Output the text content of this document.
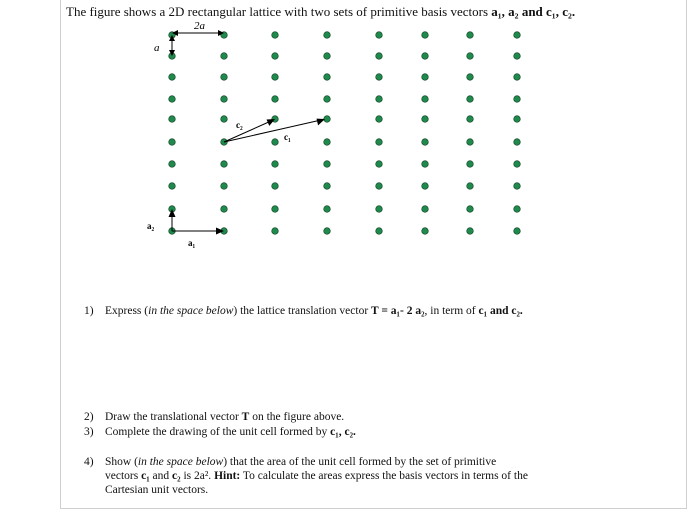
The figure shows a 2D rectangular lattice with two sets of primitive basis vectors a₁, a₂ and c₁, c₂.
2a
a
a₁
a₂
c₂
c₁
1) Express (in the space below) the lattice translation vector T = a₁- 2 a₂, in term of c₁ and c₂.
2) Draw the translational vector T on the figure above.
3) Complete the drawing of the unit cell formed by c₁, c₂.
4) Show (in the space below) that the area of the unit cell formed by the set of primitive
vectors c₁ and c₂ is 2a². Hint: To calculate the areas express the basis vectors in terms of the
Cartesian unit vectors.
